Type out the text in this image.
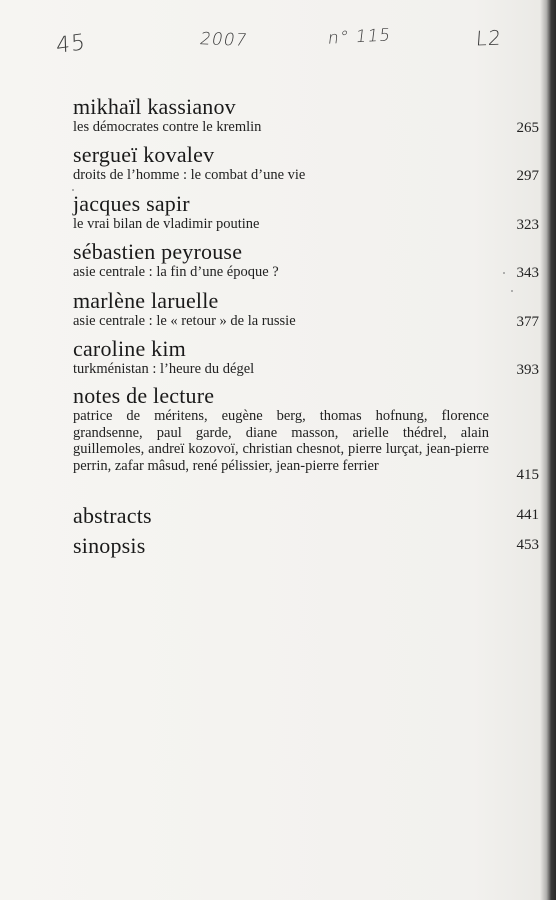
45	2007	n° 115	L2
mikhaïl kassianov
les démocrates contre le kremlin	265
sergueï kovalev
droits de l’homme : le combat d’une vie	297
jacques sapir
le vrai bilan de vladimir poutine	323
sébastien peyrouse
asie centrale : la fin d’une époque ?	343
marlène laruelle
asie centrale : le « retour » de la russie	377
caroline kim
turkménistan : l’heure du dégel	393
notes de lecture
patrice de méritens, eugène berg, thomas hofnung, florence grandsenne, paul garde, diane masson, arielle thédrel, alain guillemoles, andreï kozovoï, christian chesnot, pierre lurçat, jean-pierre perrin, zafar mâsud, rené pélissier, jean-pierre ferrier
415
abstracts	441
sinopsis	453
